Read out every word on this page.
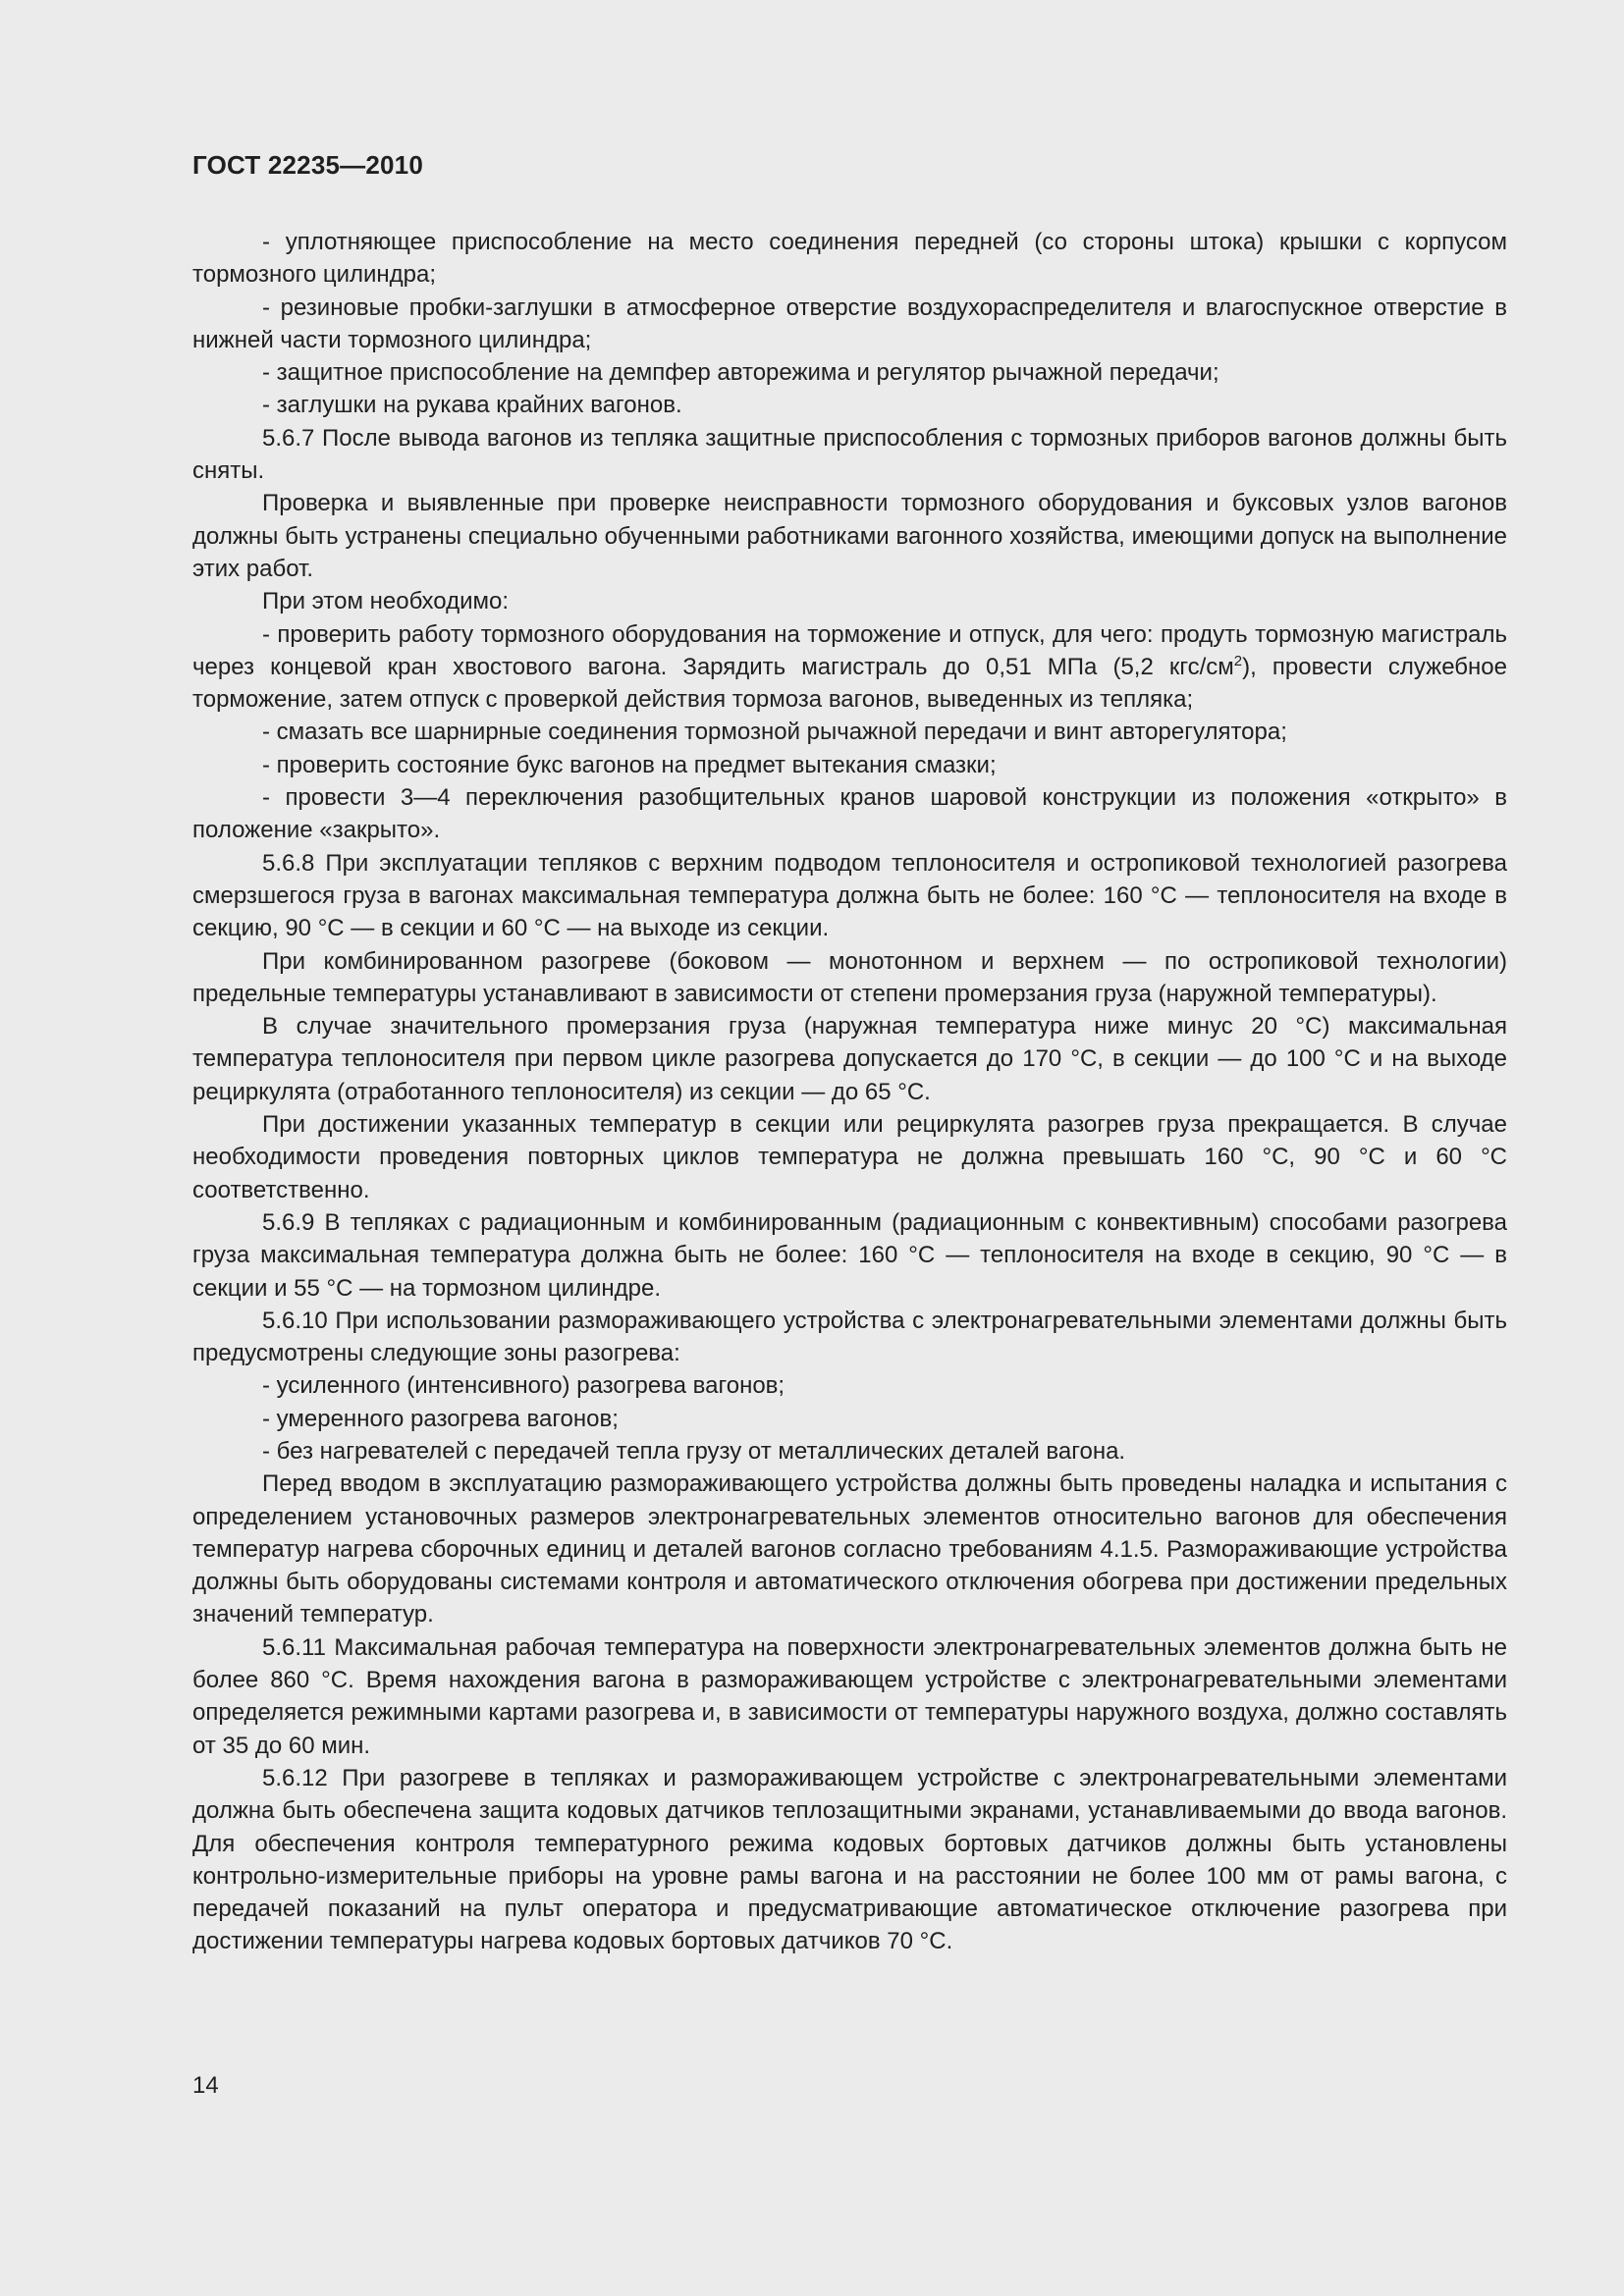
ГОСТ 22235—2010

- уплотняющее приспособление на место соединения передней (со стороны штока) крышки с корпусом тормозного цилиндра;

- резиновые пробки-заглушки в атмосферное отверстие воздухораспределителя и влагоспускное отверстие в нижней части тормозного цилиндра;

- защитное приспособление на демпфер авторежима и регулятор рычажной передачи;

- заглушки на рукава крайних вагонов.

5.6.7 После вывода вагонов из тепляка защитные приспособления с тормозных приборов вагонов должны быть сняты.

Проверка и выявленные при проверке неисправности тормозного оборудования и буксовых узлов вагонов должны быть устранены специально обученными работниками вагонного хозяйства, имеющими допуск на выполнение этих работ.

При этом необходимо:

- проверить работу тормозного оборудования на торможение и отпуск, для чего: продуть тормозную магистраль через концевой кран хвостового вагона. Зарядить магистраль до 0,51 МПа (5,2 кгс/$см^2$), провести служебное торможение, затем отпуск с проверкой действия тормоза вагонов, выведенных из тепляка;

- смазать все шарнирные соединения тормозной рычажной передачи и винт авторегулятора;

- проверить состояние букс вагонов на предмет вытекания смазки;

- провести 3—4 переключения разобщительных кранов шаровой конструкции из положения «открыто» в положение «закрыто».

5.6.8 При эксплуатации тепляков с верхним подводом теплоносителя и остропиковой технологией разогрева смерзшегося груза в вагонах максимальная температура должна быть не более: 160 °С — теплоносителя на входе в секцию, 90 °С — в секции и 60 °С — на выходе из секции.

При комбинированном разогреве (боковом — монотонном и верхнем — по остропиковой технологии) предельные температуры устанавливают в зависимости от степени промерзания груза (наружной температуры).

В случае значительного промерзания груза (наружная температура ниже минус 20 °С) максимальная температура теплоносителя при первом цикле разогрева допускается до 170 °С, в секции — до 100 °С и на выходе рециркулята (отработанного теплоносителя) из секции — до 65 °С.

При достижении указанных температур в секции или рециркулята разогрев груза прекращается. В случае необходимости проведения повторных циклов температура не должна превышать 160 °С, 90 °С и 60 °С соответственно.

5.6.9 В тепляках с радиационным и комбинированным (радиационным с конвективным) способами разогрева груза максимальная температура должна быть не более: 160 °С — теплоносителя на входе в секцию, 90 °С — в секции и 55 °С — на тормозном цилиндре.

5.6.10 При использовании размораживающего устройства с электронагревательными элементами должны быть предусмотрены следующие зоны разогрева:

- усиленного (интенсивного) разогрева вагонов;

- умеренного разогрева вагонов;

- без нагревателей с передачей тепла грузу от металлических деталей вагона.

Перед вводом в эксплуатацию размораживающего устройства должны быть проведены наладка и испытания с определением установочных размеров электронагревательных элементов относительно вагонов для обеспечения температур нагрева сборочных единиц и деталей вагонов согласно требованиям 4.1.5. Размораживающие устройства должны быть оборудованы системами контроля и автоматического отключения обогрева при достижении предельных значений температур.

5.6.11 Максимальная рабочая температура на поверхности электронагревательных элементов должна быть не более 860 °С. Время нахождения вагона в размораживающем устройстве с электронагревательными элементами определяется режимными картами разогрева и, в зависимости от температуры наружного воздуха, должно составлять от 35 до 60 мин.

5.6.12 При разогреве в тепляках и размораживающем устройстве с электронагревательными элементами должна быть обеспечена защита кодовых датчиков теплозащитными экранами, устанавливаемыми до ввода вагонов. Для обеспечения контроля температурного режима кодовых бортовых датчиков должны быть установлены контрольно-измерительные приборы на уровне рамы вагона и на расстоянии не более 100 мм от рамы вагона, с передачей показаний на пульт оператора и предусматривающие автоматическое отключение разогрева при достижении температуры нагрева кодовых бортовых датчиков 70 °С.

14
